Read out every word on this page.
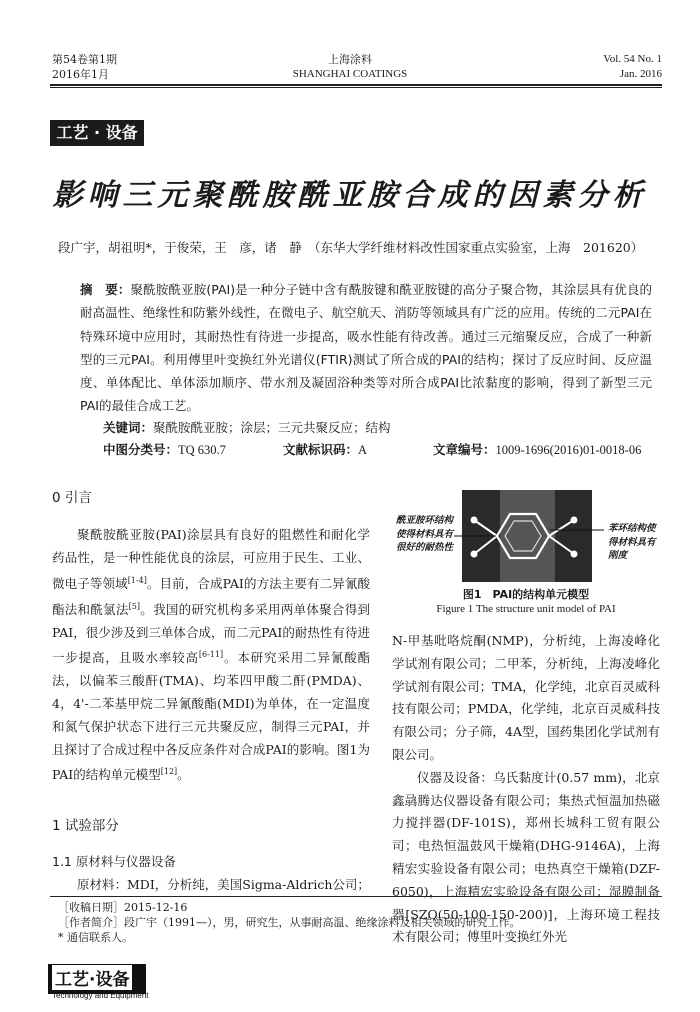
第54卷第1期
2016年1月
上海涂料
SHANGHAI COATINGS
Vol. 54 No. 1
Jan. 2016
工艺 · 设备
影响三元聚酰胺酰亚胺合成的因素分析
段广宇，胡祖明*，于俊荣，王　彦，诸　静　（东华大学纤维材料改性国家重点实验室，上海　201620）
摘　要：聚酰胺酰亚胺(PAI)是一种分子链中含有酰胺键和酰亚胺键的高分子聚合物，其涂层具有优良的耐高温性、绝缘性和防紫外线性，在微电子、航空航天、消防等领域具有广泛的应用。传统的二元PAI在特殊环境中应用时，其耐热性有待进一步提高，吸水性能有待改善。通过三元缩聚反应，合成了一种新型的三元PAI。利用傅里叶变换红外光谱仪(FTIR)测试了所合成的PAI的结构；探讨了反应时间、反应温度、单体配比、单体添加顺序、带水剂及凝固浴种类等对所合成PAI比浓黏度的影响，得到了新型三元PAI的最佳合成工艺。
关键词：聚酰胺酰亚胺；涂层；三元共聚反应；结构
中图分类号：TQ 630.7	文献标识码：A	文章编号：1009-1696(2016)01-0018-06
0 引言

聚酰胺酰亚胺(PAI)涂层具有良好的阻燃性和耐化学药品性，是一种性能优良的涂层，可应用于民生、工业、微电子等领域[1-4]。目前，合成PAI的方法主要有二异氰酸酯法和酰氯法[5]。我国的研究机构多采用两单体聚合得到PAI，很少涉及到三单体合成，而二元PAI的耐热性有待进一步提高，且吸水率较高[6-11]。本研究采用二异氰酸酯法，以偏苯三酸酐(TMA)、均苯四甲酸二酐(PMDA)、4，4'-二苯基甲烷二异氰酸酯(MDI)为单体，在一定温度和氮气保护状态下进行三元共聚反应，制得三元PAI，并且探讨了合成过程中各反应条件对合成PAI的影响。图1为PAI的结构单元模型[12]。

1 试验部分
1.1 原材料与仪器设备

原材料：MDI，分析纯，美国Sigma-Aldrich公司；

酰亚胺环结构使得材料具有很好的耐热性
苯环结构使得材料具有刚度
图1　PAI的结构单元模型
Figure 1 The structure unit model of PAI

N-甲基吡咯烷酮(NMP)，分析纯，上海凌峰化学试剂有限公司；二甲苯，分析纯，上海凌峰化学试剂有限公司；TMA，化学纯，北京百灵威科技有限公司；PMDA，化学纯，北京百灵威科技有限公司；分子筛，4A型，国药集团化学试剂有限公司。

仪器及设备：乌氏黏度计(0.57 mm)，北京鑫骉腾达仪器设备有限公司；集热式恒温加热磁力搅拌器(DF-101S)，郑州长城科工贸有限公司；电热恒温鼓风干燥箱(DHG-9146A)，上海精宏实验设备有限公司；电热真空干燥箱(DZF-6050)，上海精宏实验设备有限公司；湿膜制备器[SZQ(50-100-150-200)]，上海环境工程技术有限公司；傅里叶变换红外光

［收稿日期］2015-12-16
［作者简介］段广宇（1991—），男，研究生，从事耐高温、绝缘涂料及相关领域的研究工作。
* 通信联系人。
工艺·设备
Technology and Equipment
